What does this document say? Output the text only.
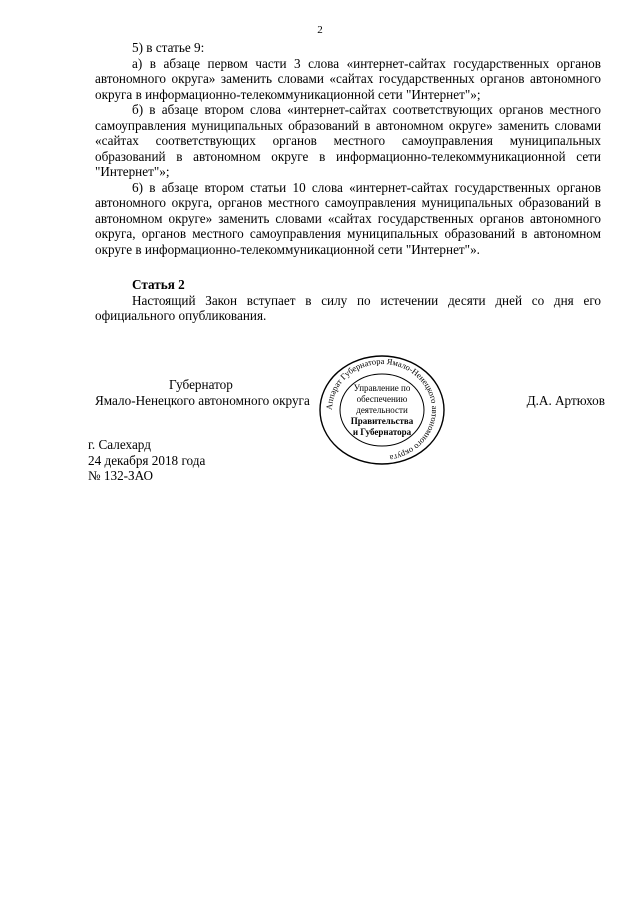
2

5) в статье 9:

а) в абзаце первом части 3 слова «интернет-сайтах государственных органов автономного округа» заменить словами «сайтах государственных органов автономного округа в информационно-телекоммуникационной сети "Интернет"»;

б) в абзаце втором слова «интернет-сайтах соответствующих органов местного самоуправления муниципальных образований в автономном округе» заменить словами «сайтах соответствующих органов местного самоуправления муниципальных образований в автономном округе в информационно-телекоммуникационной сети "Интернет"»;

6) в абзаце втором статьи 10 слова «интернет-сайтах государственных органов автономного округа, органов местного самоуправления муниципальных образований в автономном округе» заменить словами «сайтах государственных органов автономного округа, органов местного самоуправления муниципальных образований в автономном округе в информационно-телекоммуникационной сети "Интернет"».

Статья 2

Настоящий Закон вступает в силу по истечении десяти дней со дня его официального опубликования.

Губернатор
Ямало-Ненецкого автономного округа	Д.А. Артюхов
Аппарат Губернатора Ямало-Ненецкого автономного округа
Управление по
обеспечению
деятельности
Правительства
и Губернатора
г. Салехард
24 декабря 2018 года
№ 132-ЗАО
